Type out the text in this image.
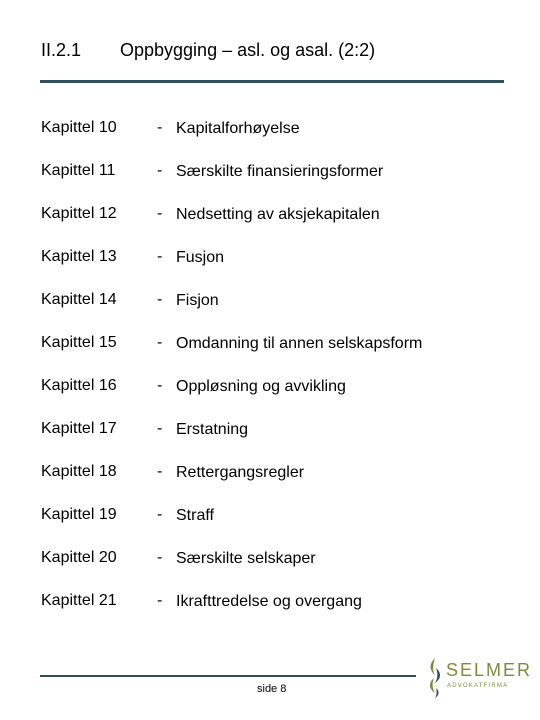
II.2.1 Oppbygging – asl. og asal. (2:2)
Kapittel 10	- Kapitalforhøyelse
Kapittel 11	- Særskilte finansieringsformer
Kapittel 12	- Nedsetting av aksjekapitalen
Kapittel 13	- Fusjon
Kapittel 14	- Fisjon
Kapittel 15	- Omdanning til annen selskapsform
Kapittel 16	- Oppløsning og avvikling
Kapittel 17	- Erstatning
Kapittel 18	- Rettergangsregler
Kapittel 19	- Straff
Kapittel 20	- Særskilte selskaper
Kapittel 21	- Ikrafttredelse og overgang
side 8
SELMER
ADVOKATFIRMA
